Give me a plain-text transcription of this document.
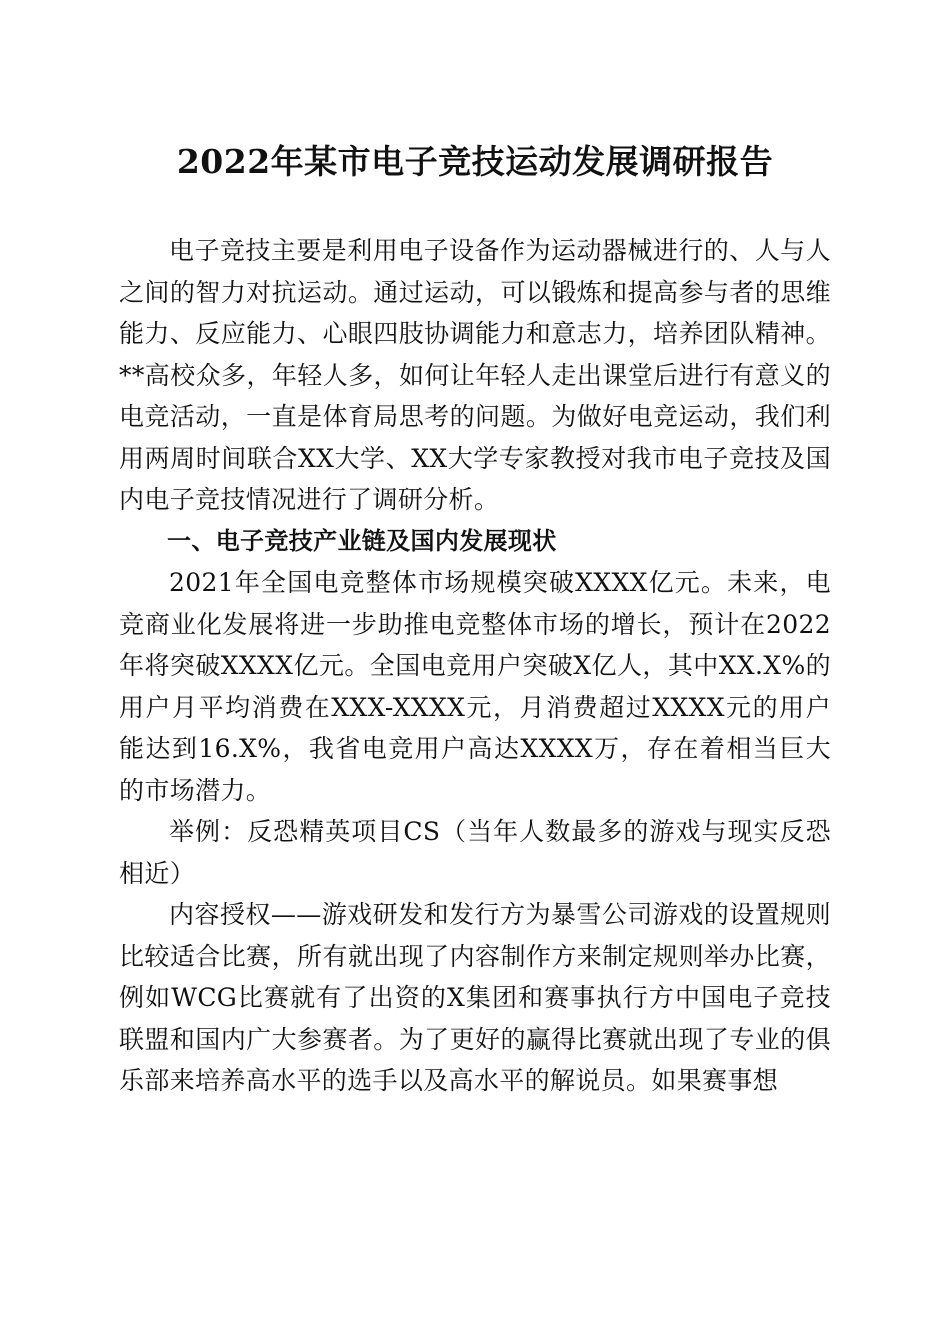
2022年某市电子竞技运动发展调研报告

电子竞技主要是利用电子设备作为运动器械进行的、人与人之间的智力对抗运动。通过运动，可以锻炼和提高参与者的思维能力、反应能力、心眼四肢协调能力和意志力，培养团队精神。**高校众多，年轻人多，如何让年轻人走出课堂后进行有意义的电竞活动，一直是体育局思考的问题。为做好电竞运动，我们利用两周时间联合XX大学、XX大学专家教授对我市电子竞技及国内电子竞技情况进行了调研分析。

一、电子竞技产业链及国内发展现状

2021年全国电竞整体市场规模突破XXXX亿元。未来，电竞商业化发展将进一步助推电竞整体市场的增长，预计在2022年将突破XXXX亿元。全国电竞用户突破X亿人，其中XX.X%的用户月平均消费在XXX-XXXX元，月消费超过XXXX元的用户能达到16.X%，我省电竞用户高达XXXX万，存在着相当巨大的市场潜力。

举例：反恐精英项目CS（当年人数最多的游戏与现实反恐相近）

内容授权——游戏研发和发行方为暴雪公司游戏的设置规则比较适合比赛，所有就出现了内容制作方来制定规则举办比赛，例如WCG比赛就有了出资的X集团和赛事执行方中国电子竞技联盟和国内广大参赛者。为了更好的赢得比赛就出现了专业的俱乐部来培养高水平的选手以及高水平的解说员。如果赛事想
